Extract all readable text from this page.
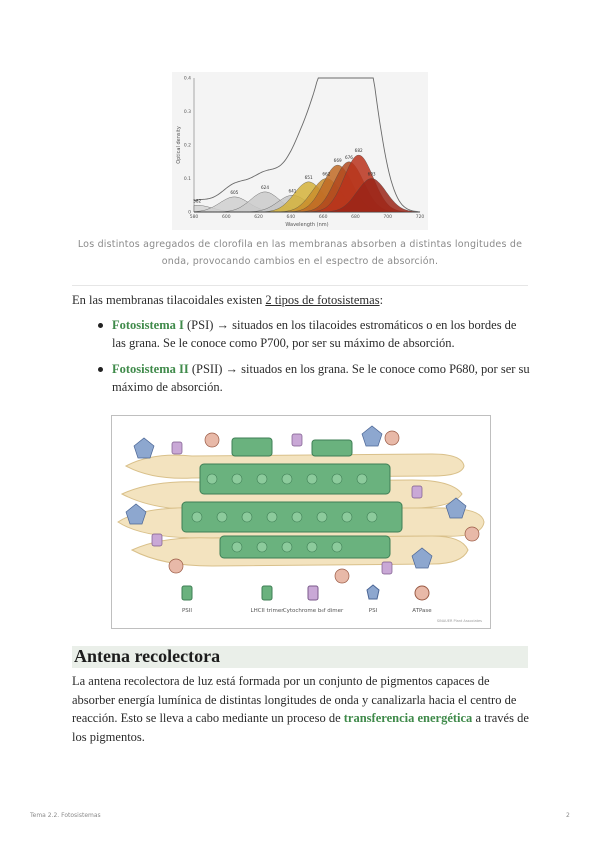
580	600	620	640	660	680	700	720
0
0.1
0.2
0.3
0.4
Wavelength (nm)
Optical density
582
605
624
641
651
662
669
676
682
693
Los distintos agregados de clorofila en las membranas absorben a distintas longitudes de onda, provocando cambios en el espectro de absorción.
En las membranas tilacoidales existen 2 tipos de fotosistemas:
Fotosistema I (PSI) → situados en los tilacoides estromáticos o en los bordes de las grana. Se le conoce como P700, por ser su máximo de absorción.
Fotosistema II (PSII) → situados en los grana. Se le conoce como P680, por ser su máximo de absorción.
PSII	LHCII trimer Cytochrome b₆f dimer	PSI	ATPase
SINAUER Plant Associates
Antena recolectora
La antena recolectora de luz está formada por un conjunto de pigmentos capaces de absorber energía lumínica de distintas longitudes de onda y canalizarla hacia el centro de reacción. Esto se lleva a cabo mediante un proceso de transferencia energética a través de los pigmentos.
Tema 2.2. Fotosistemas	2
